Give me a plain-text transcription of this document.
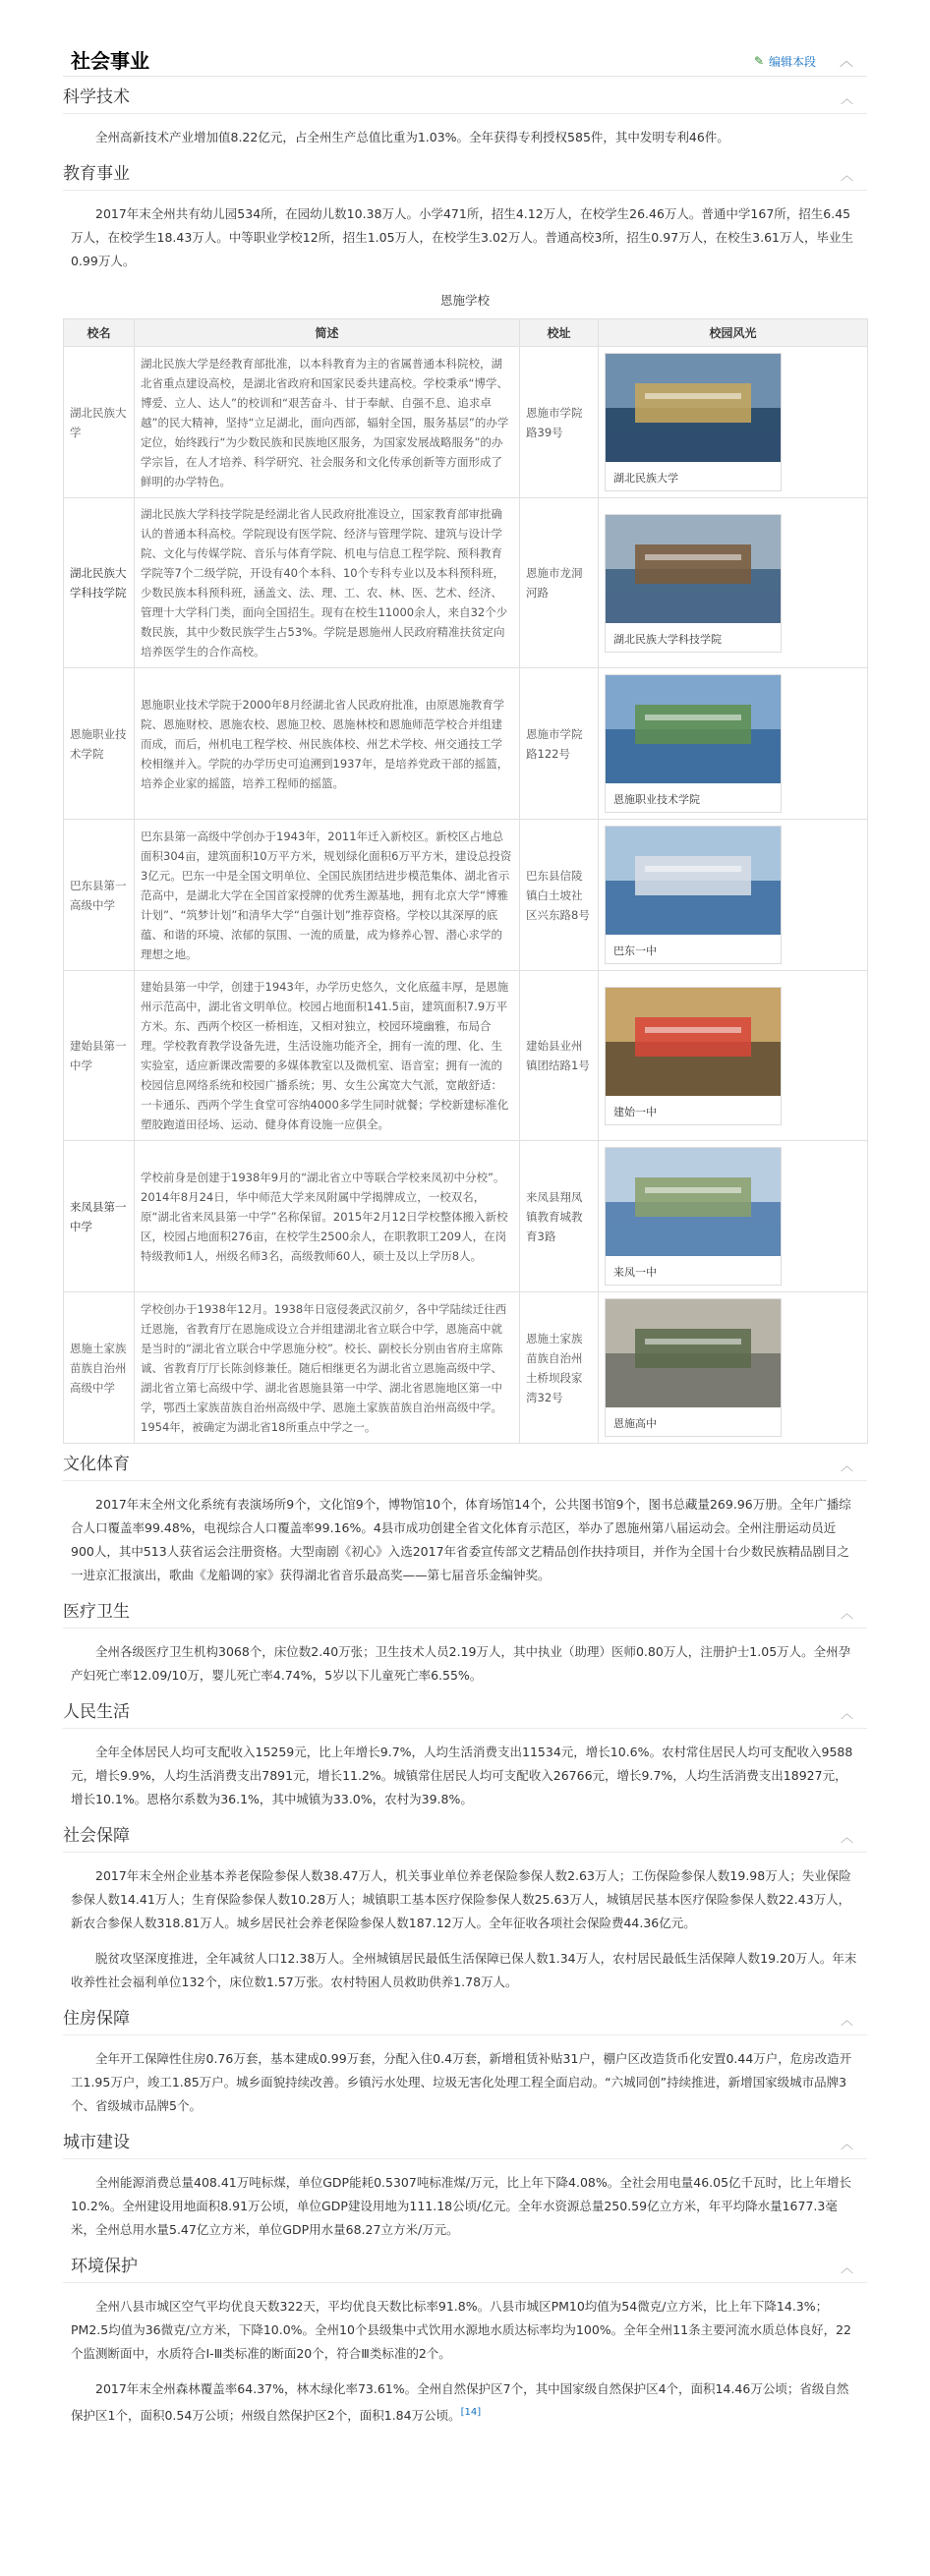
社会事业	✎ 编辑本段 ︿
科学技术	︿

全州高新技术产业增加值8.22亿元，占全州生产总值比重为1.03%。全年获得专利授权585件，其中发明专利46件。

教育事业	︿

2017年末全州共有幼儿园534所，在园幼儿数10.38万人。小学471所，招生4.12万人，在校学生26.46万人。普通中学167所，招生6.45万人，在校学生18.43万人。中等职业学校12所，招生1.05万人，在校学生3.02万人。普通高校3所，招生0.97万人，在校生3.61万人，毕业生0.99万人。

恩施学校
校名	简述	校址	校园风光
湖北民族大学	湖北民族大学是经教育部批准，以本科教育为主的省属普通本科院校，湖北省重点建设高校，是湖北省政府和国家民委共建高校。学校秉承“博学、博爱、立人、达人”的校训和“艰苦奋斗、甘于奉献、自强不息、追求卓越”的民大精神，坚持“立足湖北，面向西部，辐射全国，服务基层”的办学定位，始终践行“为少数民族和民族地区服务，为国家发展战略服务”的办学宗旨，在人才培养、科学研究、社会服务和文化传承创新等方面形成了鲜明的办学特色。	恩施市学院路39号	湖北民族大学

湖北民族大学科技学院	湖北民族大学科技学院是经湖北省人民政府批准设立，国家教育部审批确认的普通本科高校。学院现设有医学院、经济与管理学院、建筑与设计学院、文化与传媒学院、音乐与体育学院、机电与信息工程学院、预科教育学院等7个二级学院，开设有40个本科、10个专科专业以及本科预科班，少数民族本科预科班，涵盖文、法、理、工、农、林、医、艺术、经济、管理十大学科门类，面向全国招生。现有在校生11000余人，来自32个少数民族，其中少数民族学生占53%。学院是恩施州人民政府精准扶贫定向培养医学生的合作高校。	恩施市龙洞河路	湖北民族大学科技学院

恩施职业技术学院	恩施职业技术学院于2000年8月经湖北省人民政府批准，由原恩施教育学院、恩施财校、恩施农校、恩施卫校、恩施林校和恩施师范学校合并组建而成，而后，州机电工程学校、州民族体校、州艺术学校、州交通技工学校相继并入。学院的办学历史可追溯到1937年，是培养党政干部的摇篮，培养企业家的摇篮，培养工程师的摇篮。	恩施市学院路122号	恩施职业技术学院

巴东县第一高级中学	巴东县第一高级中学创办于1943年，2011年迁入新校区。新校区占地总面积304亩，建筑面积10万平方米，规划绿化面积6万平方米，建设总投资3亿元。巴东一中是全国文明单位、全国民族团结进步模范集体、湖北省示范高中，是湖北大学在全国首家授牌的优秀生源基地，拥有北京大学“博雅计划”、“筑梦计划”和清华大学“自强计划”推荐资格。学校以其深厚的底蕴、和谐的环境、浓郁的氛围、一流的质量，成为修养心智、潜心求学的理想之地。	巴东县信陵镇白土坡社区兴东路8号	巴东一中

建始县第一中学	建始县第一中学，创建于1943年，办学历史悠久，文化底蕴丰厚，是恩施州示范高中，湖北省文明单位。校园占地面积141.5亩，建筑面积7.9万平方米。东、西两个校区一桥相连，又相对独立，校园环境幽雅，布局合理。学校教育教学设备先进，生活设施功能齐全，拥有一流的理、化、生实验室，适应新课改需要的多媒体教室以及微机室、语音室；拥有一流的校园信息网络系统和校园广播系统；男、女生公寓宽大气派，宽敞舒适：一卡通乐、西两个学生食堂可容纳4000多学生同时就餐；学校新建标准化塑胶跑道田径场、运动、健身体育设施一应俱全。	建始县业州镇团结路1号	建始一中

来凤县第一中学	学校前身是创建于1938年9月的“湖北省立中等联合学校来凤初中分校”。2014年8月24日，华中师范大学来凤附属中学揭牌成立，一校双名，原“湖北省来凤县第一中学”名称保留。2015年2月12日学校整体搬入新校区，校园占地面积276亩，在校学生2500余人，在职教职工209人，在岗特级教师1人，州级名师3名，高级教师60人，硕士及以上学历8人。	来凤县翔凤镇教育城教育3路	来凤一中

恩施土家族苗族自治州高级中学	学校创办于1938年12月。1938年日寇侵袭武汉前夕，各中学陆续迁往西迁恩施，省教育厅在恩施成设立合并组建湖北省立联合中学，恩施高中就是当时的“湖北省立联合中学恩施分校”。校长、副校长分别由省府主席陈诚、省教育厅厅长陈剑修兼任。随后相继更名为湖北省立恩施高级中学、湖北省立第七高级中学、湖北省恩施县第一中学、湖北省恩施地区第一中学，鄂西土家族苗族自治州高级中学、恩施土家族苗族自治州高级中学。1954年，被确定为湖北省18所重点中学之一。	恩施土家族苗族自治州土桥坝段家湾32号	恩施高中
文化体育	︿

2017年末全州文化系统有表演场所9个，文化馆9个，博物馆10个，体育场馆14个，公共图书馆9个，图书总藏量269.96万册。全年广播综合人口覆盖率99.48%，电视综合人口覆盖率99.16%。4县市成功创建全省文化体育示范区，举办了恩施州第八届运动会。全州注册运动员近900人，其中513人获省运会注册资格。大型南剧《初心》入选2017年省委宣传部文艺精品创作扶持项目，并作为全国十台少数民族精品剧目之一进京汇报演出，歌曲《龙船调的家》获得湖北省音乐最高奖——第七届音乐金编钟奖。

医疗卫生	︿

全州各级医疗卫生机构3068个，床位数2.40万张；卫生技术人员2.19万人，其中执业（助理）医师0.80万人，注册护士1.05万人。全州孕产妇死亡率12.09/10万，婴儿死亡率4.74%，5岁以下儿童死亡率6.55%。

人民生活	︿

全年全体居民人均可支配收入15259元，比上年增长9.7%，人均生活消费支出11534元，增长10.6%。农村常住居民人均可支配收入9588元，增长9.9%，人均生活消费支出7891元，增长11.2%。城镇常住居民人均可支配收入26766元，增长9.7%，人均生活消费支出18927元，增长10.1%。恩格尔系数为36.1%，其中城镇为33.0%，农村为39.8%。

社会保障	︿

2017年末全州企业基本养老保险参保人数38.47万人，机关事业单位养老保险参保人数2.63万人；工伤保险参保人数19.98万人；失业保险参保人数14.41万人；生育保险参保人数10.28万人；城镇职工基本医疗保险参保人数25.63万人，城镇居民基本医疗保险参保人数22.43万人，新农合参保人数318.81万人。城乡居民社会养老保险参保人数187.12万人。全年征收各项社会保险费44.36亿元。

脱贫攻坚深度推进，全年减贫人口12.38万人。全州城镇居民最低生活保障已保人数1.34万人，农村居民最低生活保障人数19.20万人。年末收养性社会福利单位132个，床位数1.57万张。农村特困人员救助供养1.78万人。

住房保障	︿

全年开工保障性住房0.76万套，基本建成0.99万套，分配入住0.4万套，新增租赁补贴31户，棚户区改造货币化安置0.44万户，危房改造开工1.95万户，竣工1.85万户。城乡面貌持续改善。乡镇污水处理、垃圾无害化处理工程全面启动。“六城同创”持续推进，新增国家级城市品牌3个、省级城市品牌5个。

城市建设	︿

全州能源消费总量408.41万吨标煤，单位GDP能耗0.5307吨标准煤/万元，比上年下降4.08%。全社会用电量46.05亿千瓦时，比上年增长10.2%。全州建设用地面积8.91万公顷，单位GDP建设用地为111.18公顷/亿元。全年水资源总量250.59亿立方米，年平均降水量1677.3毫米，全州总用水量5.47亿立方米，单位GDP用水量68.27立方米/万元。

环境保护	︿

全州八县市城区空气平均优良天数322天，平均优良天数比标率91.8%。八县市城区PM10均值为54微克/立方米，比上年下降14.3%；PM2.5均值为36微克/立方米，下降10.0%。全州10个县级集中式饮用水源地水质达标率均为100%。全年全州11条主要河流水质总体良好，22个监测断面中，水质符合Ⅰ-Ⅲ类标准的断面20个，符合Ⅲ类标准的2个。

2017年末全州森林覆盖率64.37%，林木绿化率73.61%。全州自然保护区7个，其中国家级自然保护区4个，面积14.46万公顷；省级自然保护区1个，面积0.54万公顷；州级自然保护区2个，面积1.84万公顷。[14]
